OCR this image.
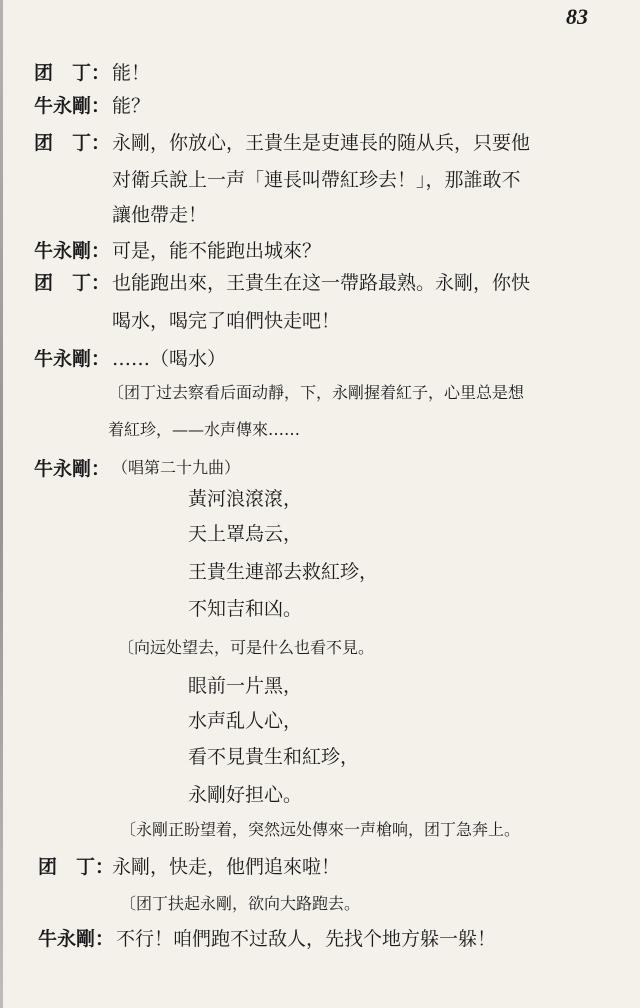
83
团　丁： 能！
牛永剛： 能？
团　丁： 永剛，你放心，王貴生是吏連長的随从兵，只要他
对衛兵說上一声「連長叫帶紅珍去！」，那誰敢不
讓他帶走！
牛永剛： 可是，能不能跑出城來？
团　丁： 也能跑出來，王貴生在这一帶路最熟。永剛，你快
喝水，喝完了咱們快走吧！
牛永剛： ……（喝水）
〔团丁过去察看后面动靜，下，永剛握着紅子，心里总是想
着紅珍，——水声傳來……
牛永剛： （唱第二十九曲）
黃河浪滾滾，
天上罩烏云，
王貴生連部去救紅珍，
不知吉和凶。
〔向远处望去，可是什么也看不見。
眼前一片黑，
水声乱人心，
看不見貴生和紅珍，
永剛好担心。
〔永剛正盼望着，突然远处傳來一声槍响，团丁急奔上。
团　丁：
永剛，快走，他們追來啦！
〔团丁扶起永剛，欲向大路跑去。
牛永剛： 不行！咱們跑不过敌人，先找个地方躲一躲！
